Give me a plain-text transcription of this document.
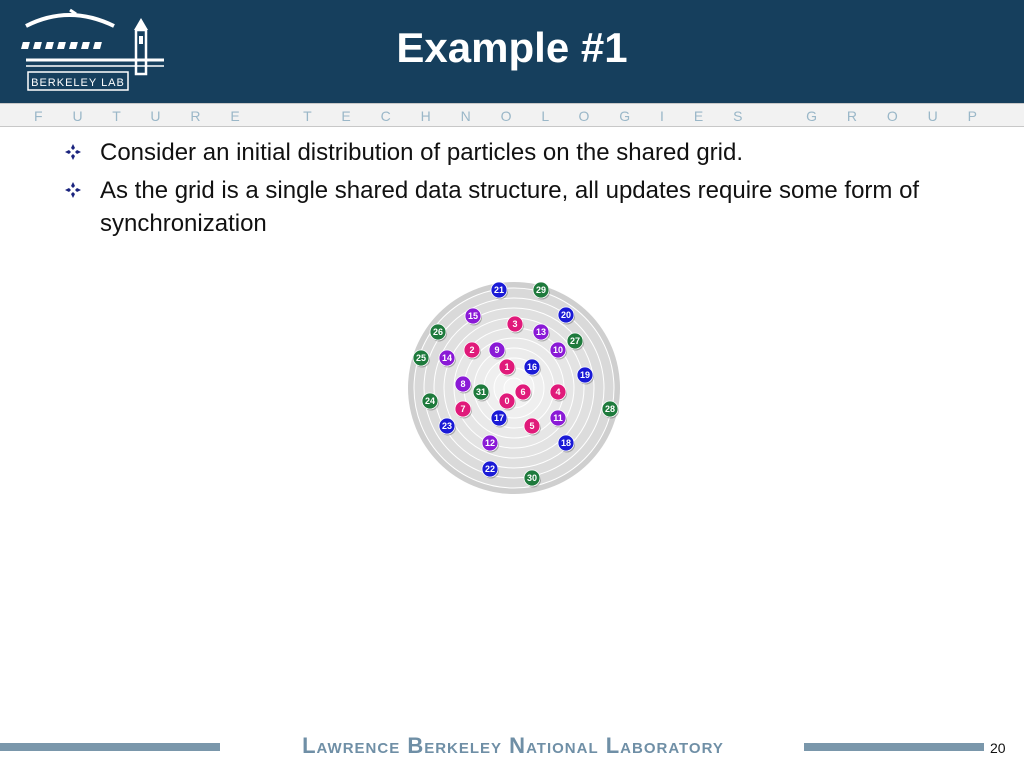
BERKELEY LAB
Example #1
F U T U R E   T E C H N O L O G I E S   G R O U P
Consider an initial distribution of particles on the shared grid.
As the grid is a single shared data structure, all updates require some form of synchronization
0
1
2
3
4
5
6
7
8
9	10
11
12
13
14
15
16
17
18
19
20
21
22
23
24
25
26
27
28
29
30
31
Lawrence Berkeley National Laboratory	20
